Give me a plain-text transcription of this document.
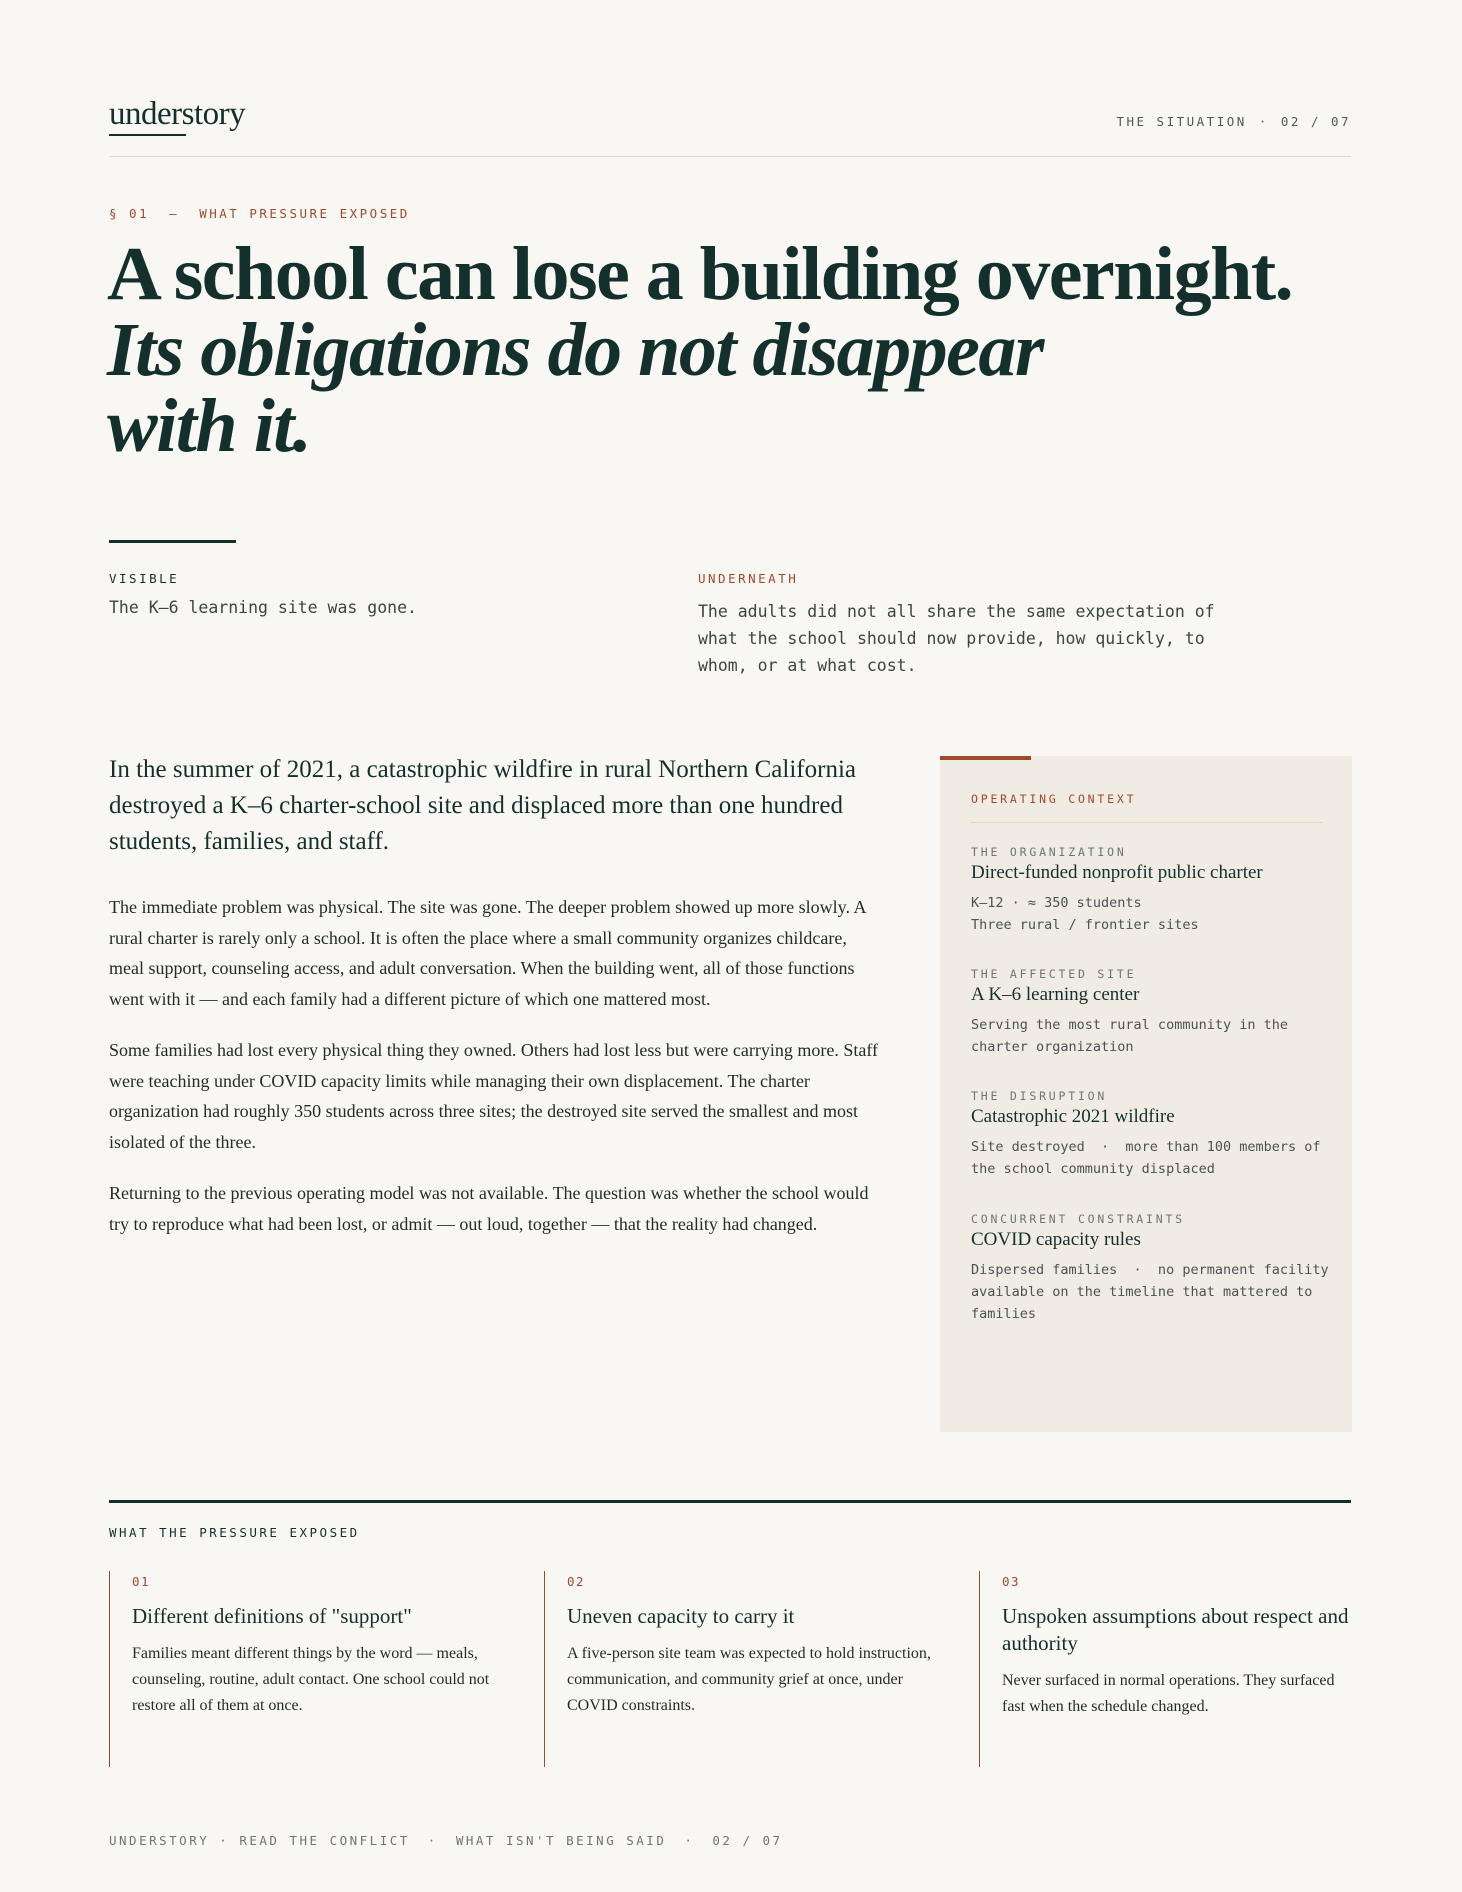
understory	THE SITUATION · 02 / 07
§ 01  —  WHAT PRESSURE EXPOSED
A school can lose a building overnight.
Its obligations do not disappear with it.
VISIBLE
The K–6 learning site was gone.
UNDERNEATH
The adults did not all share the same expectation of what the school should now provide, how quickly, to whom, or at what cost.
In the summer of 2021, a catastrophic wildfire in rural Northern California destroyed a K–6 charter-school site and displaced more than one hundred students, families, and staff.

The immediate problem was physical. The site was gone. The deeper problem showed up more slowly. A rural charter is rarely only a school. It is often the place where a small community organizes childcare, meal support, counseling access, and adult conversation. When the building went, all of those functions went with it — and each family had a different picture of which one mattered most.

Some families had lost every physical thing they owned. Others had lost less but were carrying more. Staff were teaching under COVID capacity limits while managing their own displacement. The charter organization had roughly 350 students across three sites; the destroyed site served the smallest and most isolated of the three.

Returning to the previous operating model was not available. The question was whether the school would try to reproduce what had been lost, or admit — out loud, together — that the reality had changed.

OPERATING CONTEXT
THE ORGANIZATION
Direct-funded nonprofit public charter
K–12 · ≈ 350 students
Three rural / frontier sites
THE AFFECTED SITE
A K–6 learning center
Serving the most rural community in the charter organization
THE DISRUPTION
Catastrophic 2021 wildfire
Site destroyed  ·  more than 100 members of the school community displaced
CONCURRENT CONSTRAINTS
COVID capacity rules
Dispersed families  ·  no permanent facility available on the timeline that mattered to families
WHAT THE PRESSURE EXPOSED
01
Different definitions of "support"
Families meant different things by the word — meals, counseling, routine, adult contact. One school could not restore all of them at once.
02
Uneven capacity to carry it
A five-person site team was expected to hold instruction, communication, and community grief at once, under COVID constraints.
03
Unspoken assumptions about respect and authority
Never surfaced in normal operations. They surfaced fast when the schedule changed.
UNDERSTORY · READ THE CONFLICT · WHAT ISN'T BEING SAID · 02 / 07
